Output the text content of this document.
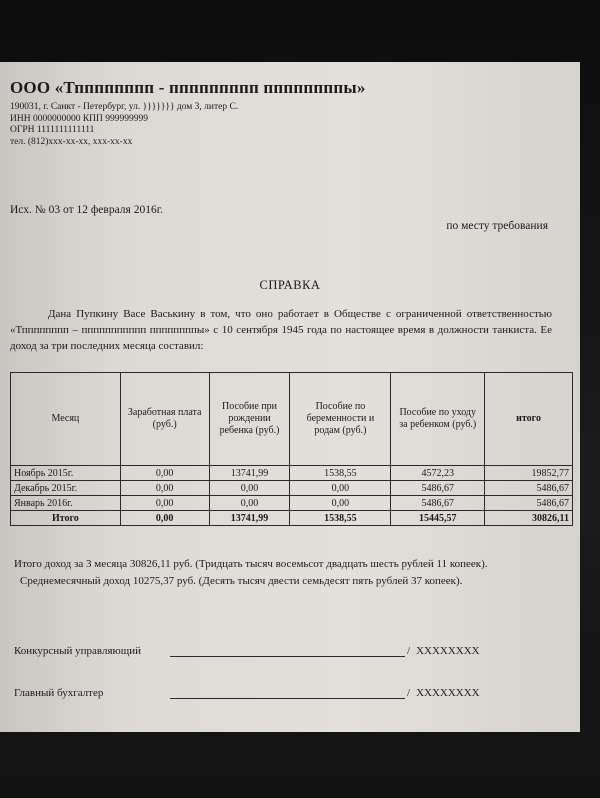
ООО «Тпппппппп - ппппппппп ппппппппы»
190031, г. Санкт - Петербург, ул. }}}}}}} дом 3, литер С.
ИНН 0000000000 КПП 999999999
ОГРН 1111111111111
тел. (812)ххх-хх-хх, ххх-хх-хх
Исх. № 03 от 12 февраля 2016г.
по месту требования
СПРАВКА

Дана Пупкину Васе Васькину в том, что оно работает в Обществе с ограниченной ответственностью «Тпппппппп – ппппппппппп ппппппппы» с 10 сентября 1945 года по настоящее время в должности танкиста. Ее доход за три последних месяца составил:

Месяц	Заработная плата (руб.)	Пособие при рождении ребенка (руб.)	Пособие по беременности и родам (руб.)	Пособие по уходу за ребенком (руб.)	итого
Ноябрь 2015г.	0,00	13741,99	1538,55	4572,23	19852,77
Декабрь 2015г.	0,00	0,00	0,00	5486,67	5486,67
Январь 2016г.	0,00	0,00	0,00	5486,67	5486,67
Итого	0,00	13741,99	1538,55	15445,57	30826,11
Итого доход за 3 месяца 30826,11 руб. (Тридцать тысяч восемьсот двадцать шесть рублей 11 копеек).
Среднемесячный доход 10275,37 руб. (Десять тысяч двести семьдесят пять рублей 37 копеек).
Конкурсный управляющий	/ ХХХХХХХХ
Главный бухгалтер	/ ХХХХХХХХ
